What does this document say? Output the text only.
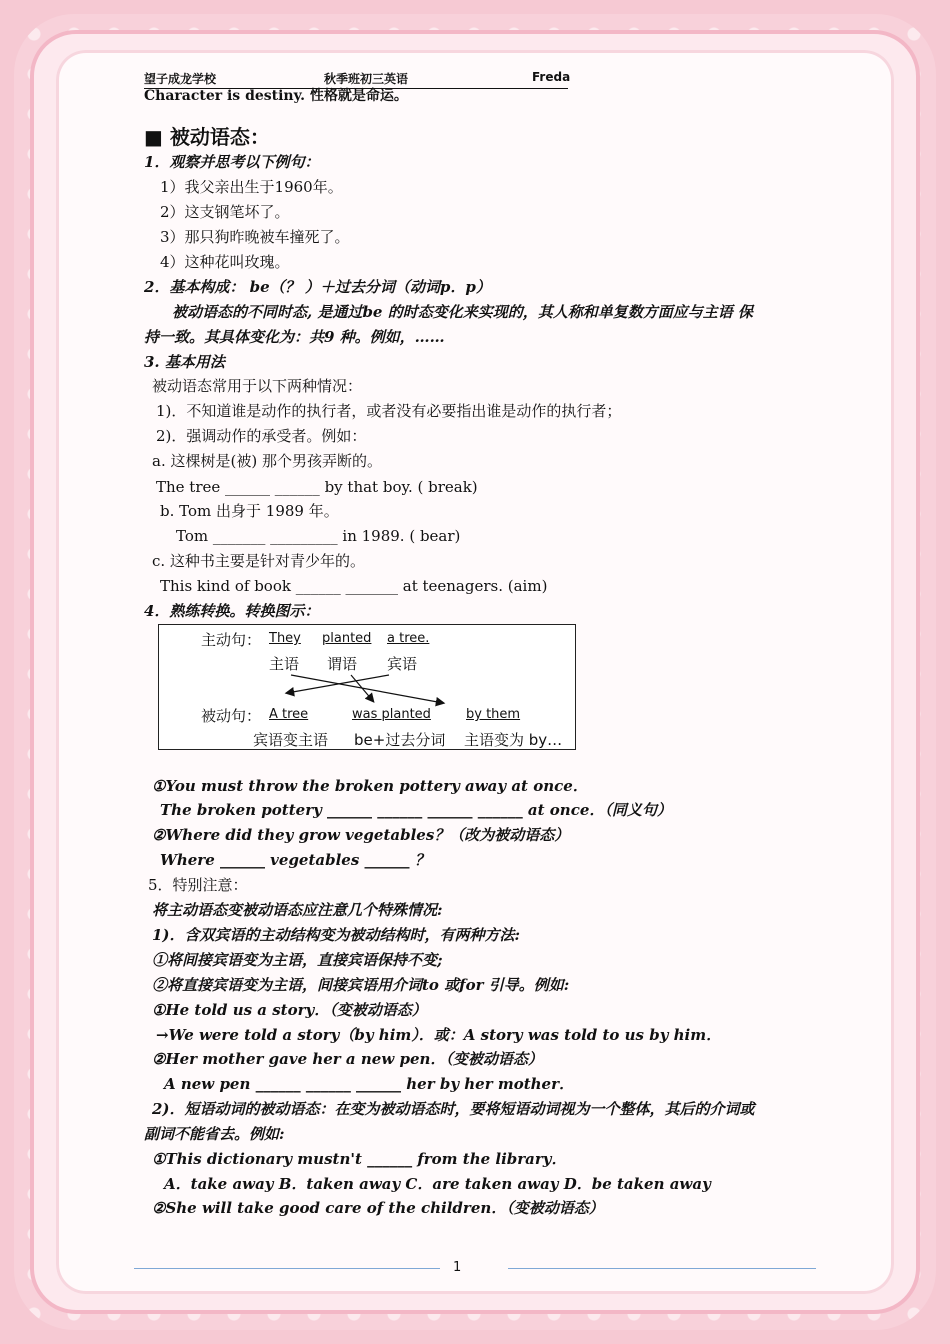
望子成龙学校	秋季班初三英语	Freda
Character is destiny. 性格就是命运。
■ 被动语态：
1．观察并思考以下例句：
1）我父亲出生于1960年。
2）这支钢笔坏了。
3）那只狗昨晚被车撞死了。
4）这种花叫玫瑰。
2．基本构成： be（？ ）＋过去分词（动词p．p）
被动语态的不同时态, 是通过be 的时态变化来实现的，其人称和单复数方面应与主语 保
持一致。其具体变化为：共9 种。例如，……
3. 基本用法
被动语态常用于以下两种情况：
1)．不知道谁是动作的执行者，或者没有必要指出谁是动作的执行者；
2)．强调动作的承受者。例如：
a. 这棵树是(被) 那个男孩弄断的。
The tree ______ ______ by that boy. ( break)
b. Tom 出身于 1989 年。
Tom _______ _________ in 1989. ( bear)
c. 这种书主要是针对青少年的。
This kind of book ______ _______ at teenagers. (aim)
4．熟练转换。转换图示：
主动句： They planted a tree.
主语 谓语 宾语
被动句： A tree	was planted	by them
宾语变主语 be+过去分词 主语变为 by…
①You must throw the broken pottery away at once．
The broken pottery ______ ______ ______ ______ at once．（同义句）
②Where did they grow vegetables？（改为被动语态）
Where ______ vegetables ______ ？
5．特别注意：
将主动语态变被动语态应注意几个特殊情况:
1)．含双宾语的主动结构变为被动结构时，有两种方法:
①将间接宾语变为主语，直接宾语保持不变;
②将直接宾语变为主语，间接宾语用介词to 或for 引导。例如:
①He told us a story．（变被动语态）
→We were told a story（by him）．或：A story was told to us by him．
②Her mother gave her a new pen．（变被动语态）
A new pen ______ ______ ______ her by her mother．
2)．短语动词的被动语态：在变为被动语态时，要将短语动词视为一个整体，其后的介词或
副词不能省去。例如:
①This dictionary mustn't ______ from the library．
A．take away B．taken away C．are taken away D．be taken away
②She will take good care of the children．（变被动语态）
1
